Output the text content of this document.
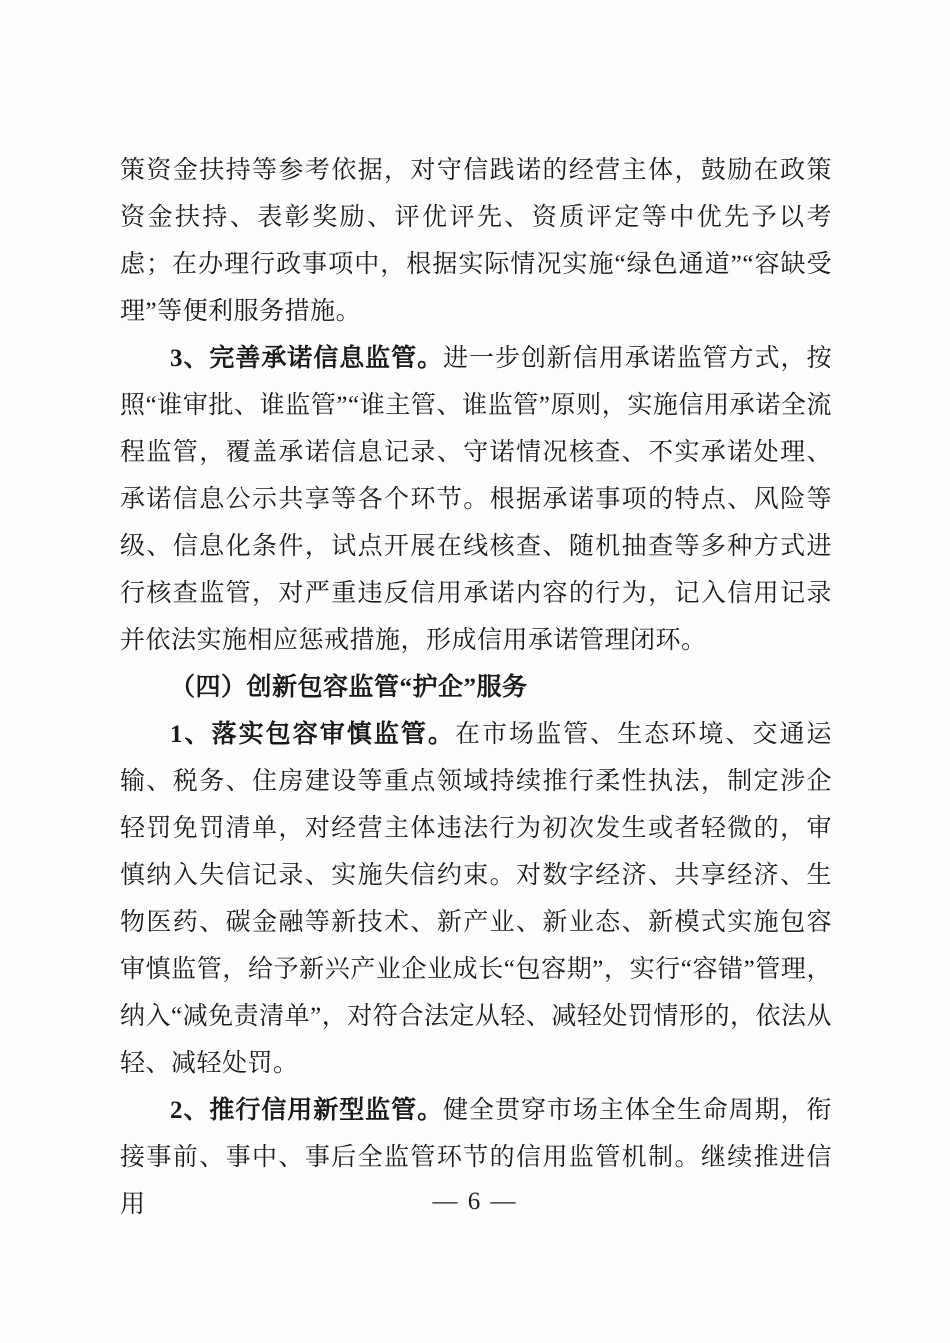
策资金扶持等参考依据，对守信践诺的经营主体，鼓励在政策资金扶持、表彰奖励、评优评先、资质评定等中优先予以考虑；在办理行政事项中，根据实际情况实施“绿色通道”“容缺受理”等便利服务措施。

3、完善承诺信息监管。进一步创新信用承诺监管方式，按照“谁审批、谁监管”“谁主管、谁监管”原则，实施信用承诺全流程监管，覆盖承诺信息记录、守诺情况核查、不实承诺处理、承诺信息公示共享等各个环节。根据承诺事项的特点、风险等级、信息化条件，试点开展在线核查、随机抽查等多种方式进行核查监管，对严重违反信用承诺内容的行为，记入信用记录并依法实施相应惩戒措施，形成信用承诺管理闭环。

（四）创新包容监管“护企”服务

1、落实包容审慎监管。在市场监管、生态环境、交通运输、税务、住房建设等重点领域持续推行柔性执法，制定涉企轻罚免罚清单，对经营主体违法行为初次发生或者轻微的，审慎纳入失信记录、实施失信约束。对数字经济、共享经济、生物医药、碳金融等新技术、新产业、新业态、新模式实施包容审慎监管，给予新兴产业企业成长“包容期”，实行“容错”管理，纳入“减免责清单”，对符合法定从轻、减轻处罚情形的，依法从轻、减轻处罚。

2、推行信用新型监管。健全贯穿市场主体全生命周期，衔接事前、事中、事后全监管环节的信用监管机制。继续推进信用	— 6 —
